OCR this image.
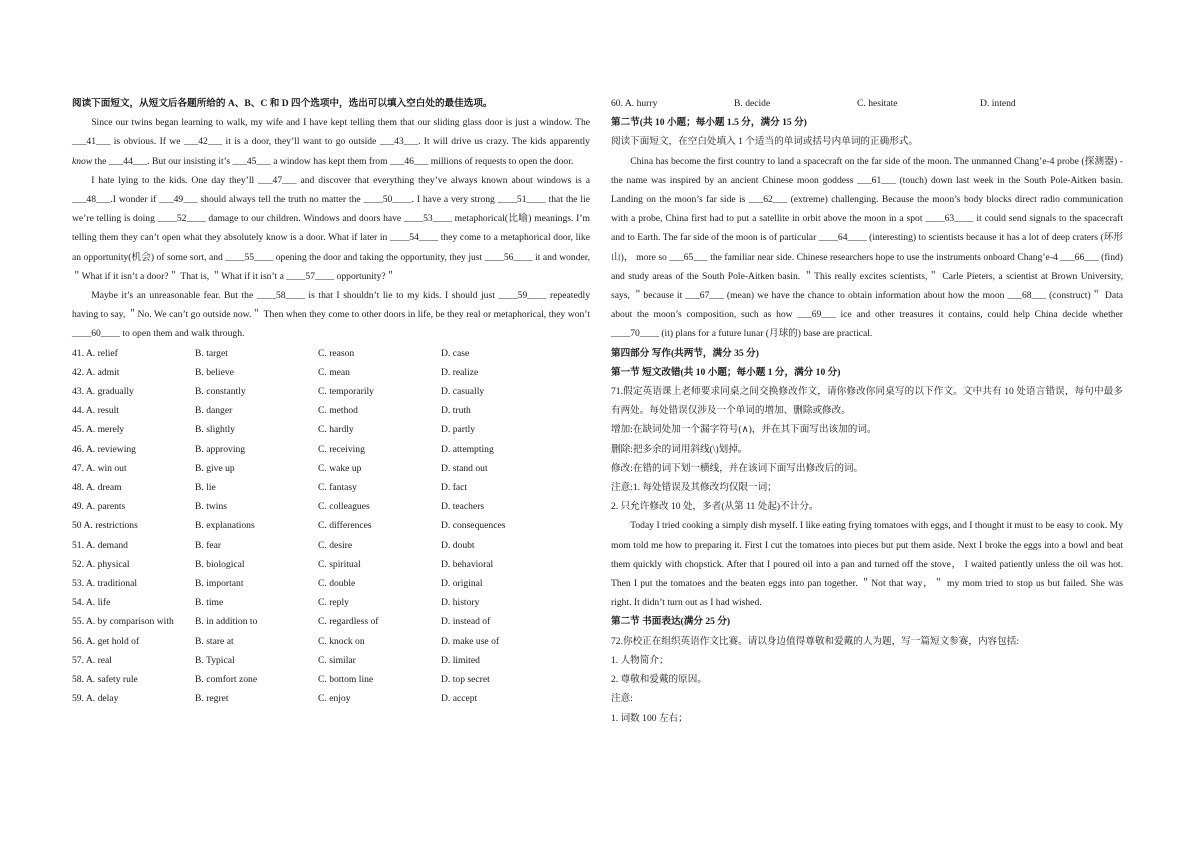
阅读下面短文，从短文后各题所给的 A、B、C 和 D 四个选项中，选出可以填入空白处的最佳选项。
Since our twins began learning to walk, my wife and I have kept telling them that our sliding glass door is just a window. The ___41___ is obvious. If we ___42___ it is a door, they’ll want to go outside ___43___. It will drive us crazy. The kids apparently know the ___44___. But our insisting it’s ___45___ a window has kept them from ___46___ millions of requests to open the door.
I hate lying to the kids. One day they’ll ___47___ and discover that everything they’ve always known about windows is a ___48___.I wonder if ___49___ should always tell the truth no matter the ____50____. I have a very strong ____51____ that the lie we’re telling is doing ____52____ damage to our children. Windows and doors have ____53____ metaphorical(比喻) meanings. I’m telling them they can’t open what they absolutely know is a door. What if later in ____54____ they come to a metaphorical door, like an opportunity(机会) of some sort, and ____55____ opening the door and taking the opportunity, they just ____56____ it and wonder, ＂What if it isn’t a door?＂ That is, ＂What if it isn’t a ____57____ opportunity?＂
Maybe it’s an unreasonable fear. But the ____58____ is that I shouldn’t lie to my kids. I should just ____59____ repeatedly having to say, ＂No. We can’t go outside now.＂ Then when they come to other doors in life, be they real or metaphorical, they won’t ____60____ to open them and walk through.
41. A. relief	B. target	C. reason	D. case
42. A. admit	B. believe	C. mean	D. realize
43. A. gradually	B. constantly	C. temporarily	D. casually
44. A. result	B. danger	C. method	D. truth
45. A. merely	B. slightly	C. hardly	D. partly
46. A. reviewing	B. approving	C. receiving	D. attempting
47. A. win out	B. give up	C. wake up	D. stand out
48. A. dream	B. lie	C. fantasy	D. fact
49. A. parents	B. twins	C. colleagues	D. teachers
50 A. restrictions	B. explanations	C. differences	D. consequences
51. A. demand	B. fear	C. desire	D. doubt
52. A. physical	B. biological	C. spiritual	D. behavioral
53. A. traditional	B. important	C. double	D. original
54. A. life	B. time	C. reply	D. history
55. A. by comparison with	B. in addition to	C. regardless of	D. instead of
56. A. get hold of	B. stare at	C. knock on	D. make use of
57. A. real	B. Typical	C. similar	D. limited
58. A. safety rule	B. comfort zone	C. bottom line	D. top secret
59. A. delay	B. regret	C. enjoy	D. accept
60. A. hurry	B. decide	C. hesitate	D. intend
第二节(共 10 小题；每小题 1.5 分，满分 15 分)
阅读下面短文，在空白处填入 1 个适当的单词或括号内单词的正确形式。
China has become the first country to land a spacecraft on the far side of the moon. The unmanned Chang’e-4 probe (探测器) - the name was inspired by an ancient Chinese moon goddess ___61___ (touch) down last week in the South Pole-Aitken basin. Landing on the moon’s far side is ___62___ (extreme) challenging. Because the moon’s body blocks direct radio communication with a probe, China first had to put a satellite in orbit above the moon in a spot ____63____ it could send signals to the spacecraft and to Earth. The far side of the moon is of particular ____64____ (interesting) to scientists because it has a lot of deep craters (环形山)， more so ___65___ the familiar near side. Chinese researchers hope to use the instruments onboard Chang’e-4 ___66___ (find) and study areas of the South Pole-Aitken basin. ＂This really excites scientists,＂ Carle Pieters, a scientist at Brown University, says, ＂because it ___67___ (mean) we have the chance to obtain information about how the moon ___68___ (construct)＂ Data about the moon’s composition, such as how ___69___ ice and other treasures it contains, could help China decide whether ____70____ (it) plans for a future lunar (月球的) base are practical.
第四部分 写作(共两节，满分 35 分)
第一节 短文改错(共 10 小题；每小题 1 分，满分 10 分)
71.假定英语课上老师要求同桌之间交换修改作文，请你修改你同桌写的以下作文。文中共有 10 处语言错误，每句中最多有两处。每处错误仅涉及一个单词的增加、删除或修改。
增加:在缺词处加一个漏字符号(∧)，并在其下面写出该加的词。
删除:把多余的词用斜线(\)划掉。
修改:在错的词下划一横线，并在该词下面写出修改后的词。
注意:1. 每处错误及其修改均仅限一词；
2. 只允许修改 10 处，多者(从第 11 处起)不计分。
Today I tried cooking a simply dish myself. I like eating frying tomatoes with eggs, and I thought it must to be easy to cook. My mom told me how to preparing it. First I cut the tomatoes into pieces but put them aside. Next I broke the eggs into a bowl and beat them quickly with chopstick. After that I poured oil into a pan and turned off the stove， I waited patiently unless the oil was hot. Then I put the tomatoes and the beaten eggs into pan together. ＂Not that way，＂ my mom tried to stop us but failed. She was right. It didn’t turn out as I had wished.
第二节 书面表达(满分 25 分)
72.你校正在组织英语作文比赛。请以身边值得尊敬和爱戴的人为题，写一篇短文参赛，内容包括:
1. 人物简介；
2. 尊敬和爱戴的原因。
注意:
1. 词数 100 左右；
